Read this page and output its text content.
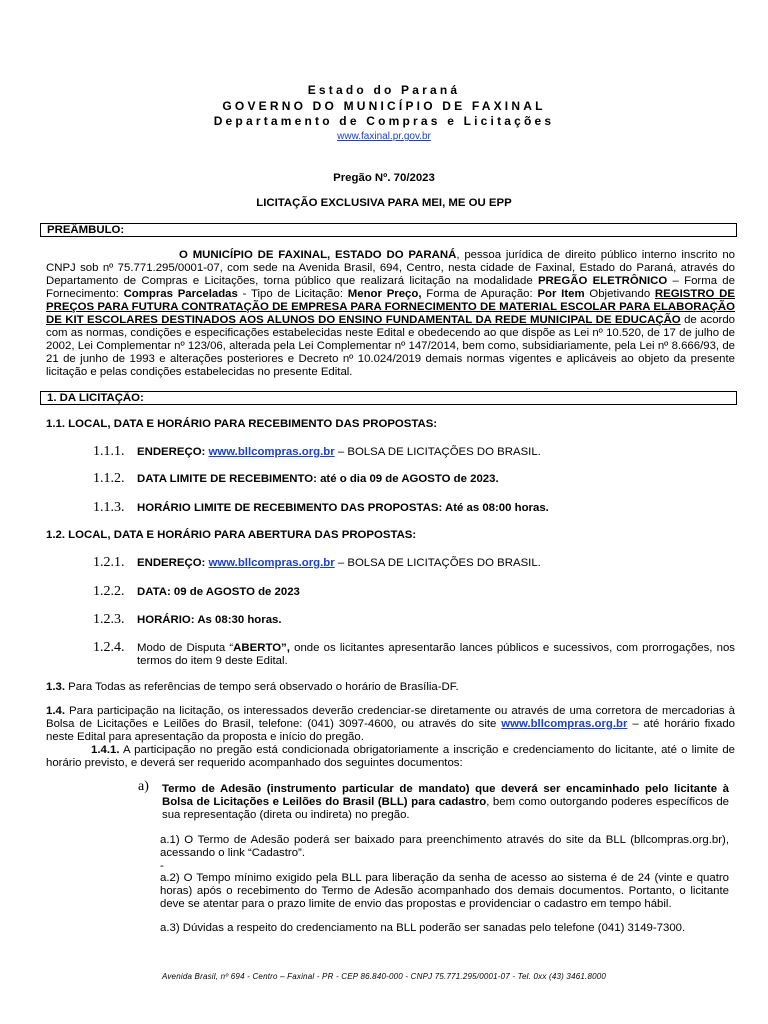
Estado do Paraná
GOVERNO DO MUNICÍPIO DE FAXINAL
Departamento de Compras e Licitações
www.faxinal.pr.gov.br
Pregão Nº. 70/2023
LICITAÇÃO EXCLUSIVA PARA MEI, ME OU EPP
PREÂMBULO:
O MUNICÍPIO DE FAXINAL, ESTADO DO PARANÁ, pessoa jurídica de direito público interno inscrito no CNPJ sob nº 75.771.295/0001-07, com sede na Avenida Brasil, 694, Centro, nesta cidade de Faxinal, Estado do Paraná, através do Departamento de Compras e Licitações, torna público que realizará licitação na modalidade PREGÃO ELETRÔNICO – Forma de Fornecimento: Compras Parceladas - Tipo de Licitação: Menor Preço, Forma de Apuração: Por Item Objetivando REGISTRO DE PREÇOS PARA FUTURA CONTRATAÇÃO DE EMPRESA PARA FORNECIMENTO DE MATERIAL ESCOLAR PARA ELABORAÇÃO DE KIT ESCOLARES DESTINADOS AOS ALUNOS DO ENSINO FUNDAMENTAL DA REDE MUNICIPAL DE EDUCAÇÃO de acordo com as normas, condições e especificações estabelecidas neste Edital e obedecendo ao que dispõe as Lei nº 10.520, de 17 de julho de 2002, Lei Complementar nº 123/06, alterada pela Lei Complementar nº 147/2014, bem como, subsidiariamente, pela Lei nº 8.666/93, de 21 de junho de 1993 e alterações posteriores e Decreto nº 10.024/2019 demais normas vigentes e aplicáveis ao objeto da presente licitação e pelas condições estabelecidas no presente Edital.
1. DA LICITAÇÃO:
1.1. LOCAL, DATA E HORÁRIO PARA RECEBIMENTO DAS PROPOSTAS:
1.1.1. ENDEREÇO: www.bllcompras.org.br – BOLSA DE LICITAÇÕES DO BRASIL.
1.1.2. DATA LIMITE DE RECEBIMENTO: até o dia 09 de AGOSTO de 2023.
1.1.3. HORÁRIO LIMITE DE RECEBIMENTO DAS PROPOSTAS: Até as 08:00 horas.
1.2. LOCAL, DATA E HORÁRIO PARA ABERTURA DAS PROPOSTAS:
1.2.1. ENDEREÇO: www.bllcompras.org.br – BOLSA DE LICITAÇÕES DO BRASIL.
1.2.2. DATA: 09 de AGOSTO de 2023
1.2.3. HORÁRIO: As 08:30 horas.
1.2.4. Modo de Disputa “ABERTO”, onde os licitantes apresentarão lances públicos e sucessivos, com prorrogações, nos termos do item 9 deste Edital.
1.3. Para Todas as referências de tempo será observado o horário de Brasília-DF.
1.4. Para participação na licitação, os interessados deverão credenciar-se diretamente ou através de uma corretora de mercadorias à Bolsa de Licitações e Leilões do Brasil, telefone: (041) 3097-4600, ou através do site www.bllcompras.org.br – até horário fixado neste Edital para apresentação da proposta e início do pregão.
1.4.1. A participação no pregão está condicionada obrigatoriamente a inscrição e credenciamento do licitante, até o limite de horário previsto, e deverá ser requerido acompanhado dos seguintes documentos:
a) Termo de Adesão (instrumento particular de mandato) que deverá ser encaminhado pelo licitante à Bolsa de Licitações e Leilões do Brasil (BLL) para cadastro, bem como outorgando poderes específicos de sua representação (direta ou indireta) no pregão.
a.1) O Termo de Adesão poderá ser baixado para preenchimento através do site da BLL (bllcompras.org.br), acessando o link “Cadastro”.
-
a.2) O Tempo mínimo exigido pela BLL para liberação da senha de acesso ao sistema é de 24 (vinte e quatro horas) após o recebimento do Termo de Adesão acompanhado dos demais documentos. Portanto, o licitante deve se atentar para o prazo limite de envio das propostas e providenciar o cadastro em tempo hábil.
a.3) Dúvidas a respeito do credenciamento na BLL poderão ser sanadas pelo telefone (041) 3149-7300.
Avenida Brasil, nº 694 - Centro – Faxinal - PR - CEP 86.840-000 - CNPJ 75.771.295/0001-07 - Tel. 0xx (43) 3461.8000
